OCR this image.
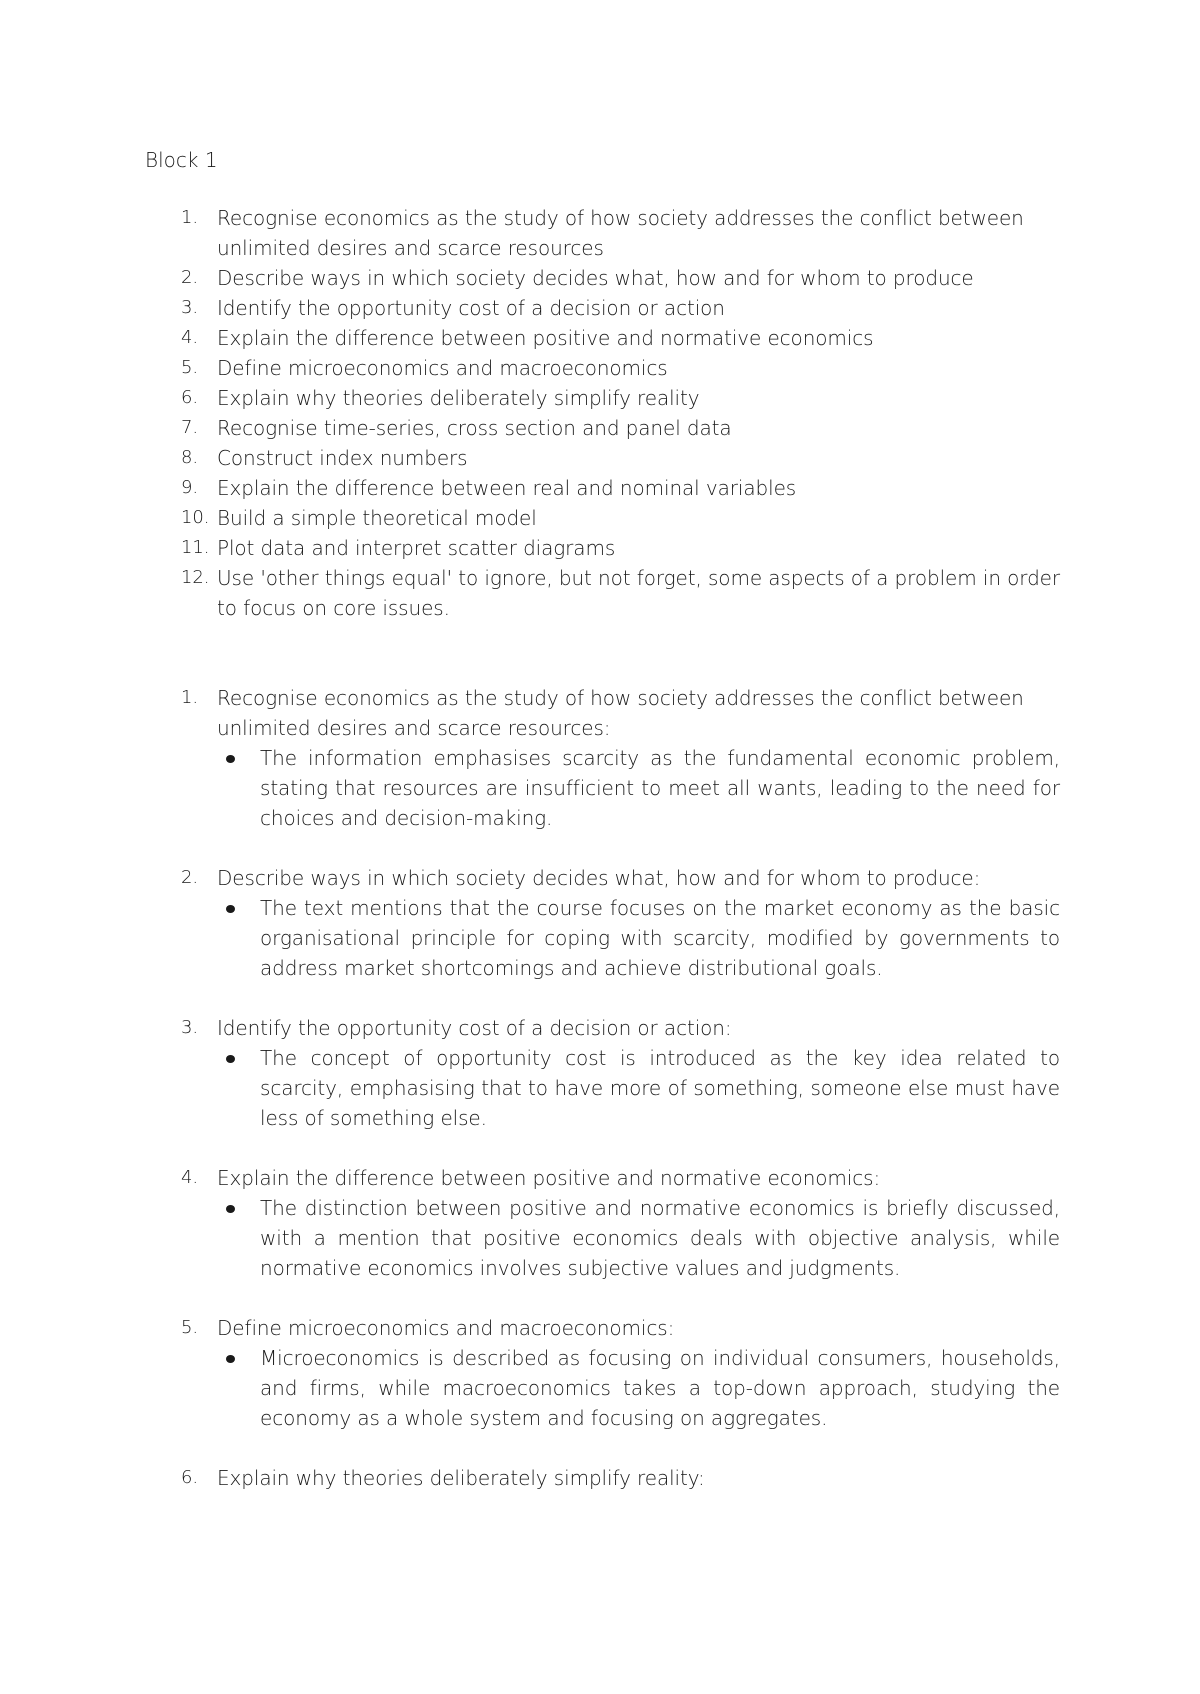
Block 1
1. Recognise economics as the study of how society addresses the conflict between unlimited desires and scarce resources
2. Describe ways in which society decides what, how and for whom to produce
3. Identify the opportunity cost of a decision or action
4. Explain the difference between positive and normative economics
5. Define microeconomics and macroeconomics
6. Explain why theories deliberately simplify reality
7. Recognise time-series, cross section and panel data
8. Construct index numbers
9. Explain the difference between real and nominal variables
10. Build a simple theoretical model
11. Plot data and interpret scatter diagrams
12. Use 'other things equal' to ignore, but not forget, some aspects of a problem in order to focus on core issues.
1. Recognise economics as the study of how society addresses the conflict between unlimited desires and scarce resources:
The information emphasises scarcity as the fundamental economic problem, stating that resources are insufficient to meet all wants, leading to the need for choices and decision-making.
2. Describe ways in which society decides what, how and for whom to produce:
The text mentions that the course focuses on the market economy as the basic organisational principle for coping with scarcity, modified by governments to address market shortcomings and achieve distributional goals.
3. Identify the opportunity cost of a decision or action:
The concept of opportunity cost is introduced as the key idea related to scarcity, emphasising that to have more of something, someone else must have less of something else.
4. Explain the difference between positive and normative economics:
The distinction between positive and normative economics is briefly discussed, with a mention that positive economics deals with objective analysis, while normative economics involves subjective values and judgments.
5. Define microeconomics and macroeconomics:
Microeconomics is described as focusing on individual consumers, households, and firms, while macroeconomics takes a top-down approach, studying the economy as a whole system and focusing on aggregates.
6. Explain why theories deliberately simplify reality:
